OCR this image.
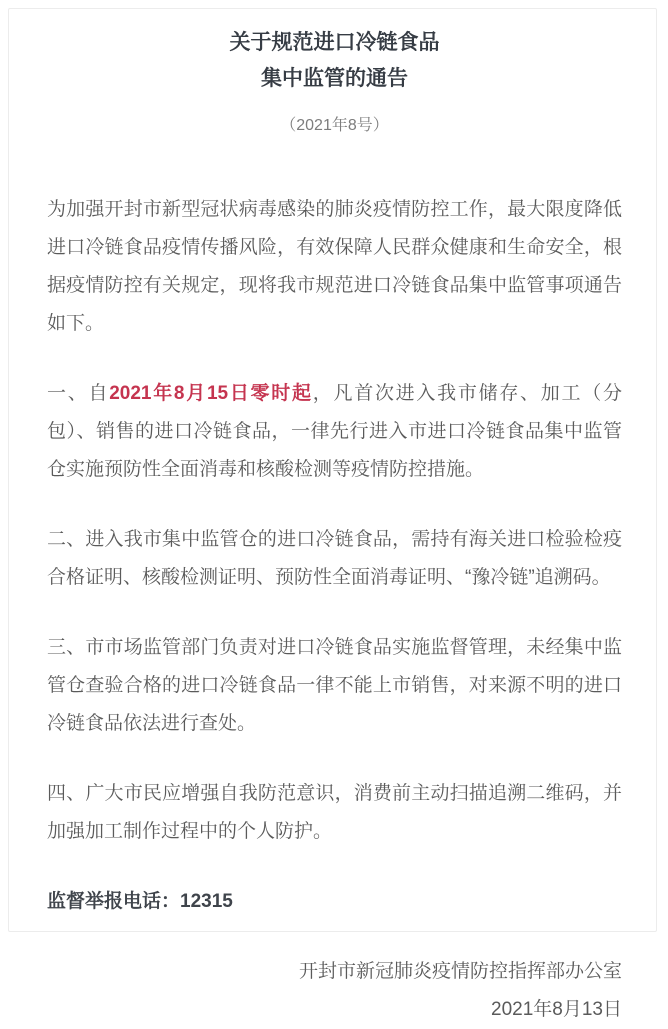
关于规范进口冷链食品
集中监管的通告

（2021年8号）

为加强开封市新型冠状病毒感染的肺炎疫情防控工作，最大限度降低进口冷链食品疫情传播风险，有效保障人民群众健康和生命安全，根据疫情防控有关规定，现将我市规范进口冷链食品集中监管事项通告如下。

一、自2021年8月15日零时起，凡首次进入我市储存、加工（分包）、销售的进口冷链食品，一律先行进入市进口冷链食品集中监管仓实施预防性全面消毒和核酸检测等疫情防控措施。

二、进入我市集中监管仓的进口冷链食品，需持有海关进口检验检疫合格证明、核酸检测证明、预防性全面消毒证明、“豫冷链”追溯码。

三、市市场监管部门负责对进口冷链食品实施监督管理，未经集中监管仓查验合格的进口冷链食品一律不能上市销售，对来源不明的进口冷链食品依法进行查处。

四、广大市民应增强自我防范意识，消费前主动扫描追溯二维码，并加强加工制作过程中的个人防护。

监督举报电话：12315

开封市新冠肺炎疫情防控指挥部办公室

2021年8月13日
